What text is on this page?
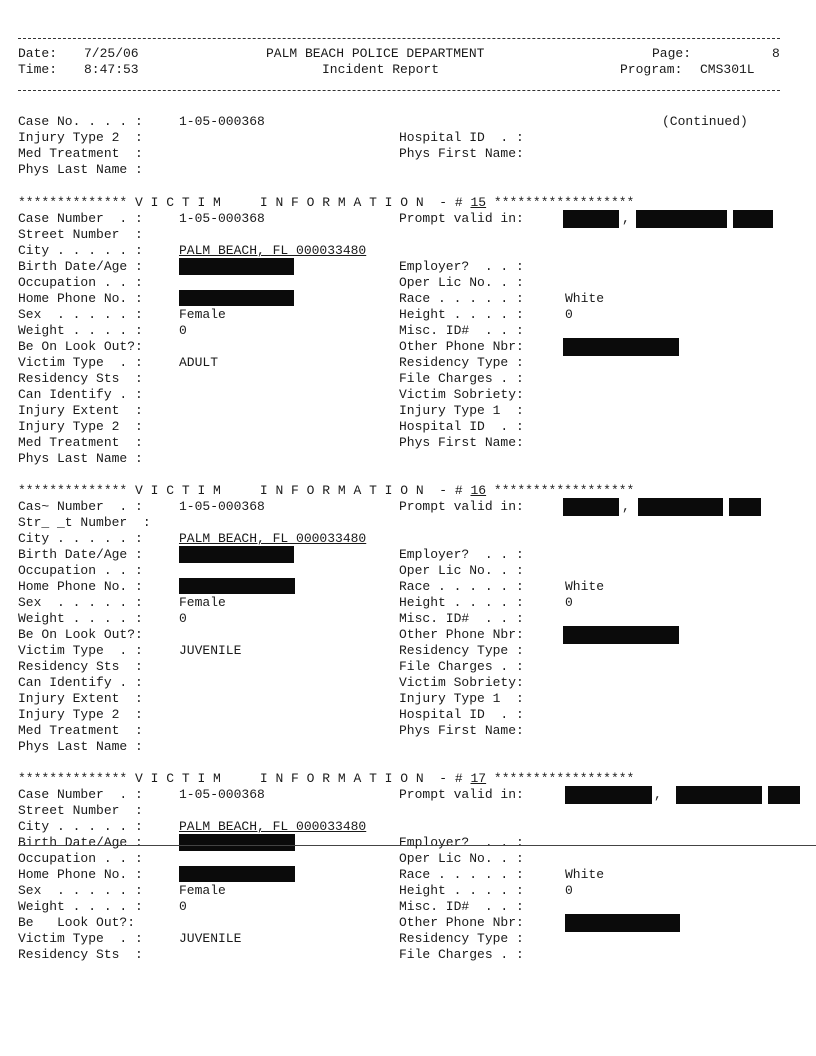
Date: 7/25/06
Time: 8:47:53
PALM BEACH POLICE DEPARTMENT
Incident Report
Page:	8
Program: CMS301L
Case No. . . . :	1-05-000368	(Continued)
Injury Type 2  :	Hospital ID  . :
Med Treatment  :	Phys First Name:
Phys Last Name :
************** V I C T I M     I N F O R M A T I O N  - # 15 ******************
Case Number  . :	1-05-000368	Prompt valid in:	,
Street Number  :
City . . . . . :	PALM BEACH, FL 000033480
Birth Date/Age :	Employer?  . . :
Occupation . . :	Oper Lic No. . :
Home Phone No. :	Race . . . . . :	White
Sex  . . . . . :	Female	Height . . . . :	0
Weight . . . . :	0	Misc. ID#  . . :
Be On Look Out?:	Other Phone Nbr:
Victim Type  . :	ADULT	Residency Type :
Residency Sts  :	File Charges . :
Can Identify . :	Victim Sobriety:
Injury Extent  :	Injury Type 1  :
Injury Type 2  :	Hospital ID  . :
Med Treatment  :	Phys First Name:
Phys Last Name :
************** V I C T I M     I N F O R M A T I O N  - # 16 ******************
Cas~ Number  . :	1-05-000368	Prompt valid in:	,
Str_ _t Number  :
City . . . . . :	PALM BEACH, FL 000033480
Birth Date/Age :	Employer?  . . :
Occupation . . :	Oper Lic No. . :
Home Phone No. :	Race . . . . . :	White
Sex  . . . . . :	Female	Height . . . . :	0
Weight . . . . :	0	Misc. ID#  . . :
Be On Look Out?:	Other Phone Nbr:
Victim Type  . :	JUVENILE	Residency Type :
Residency Sts  :	File Charges . :
Can Identify . :	Victim Sobriety:
Injury Extent  :	Injury Type 1  :
Injury Type 2  :	Hospital ID  . :
Med Treatment  :	Phys First Name:
Phys Last Name :
************** V I C T I M     I N F O R M A T I O N  - # 17 ******************
Case Number  . :	1-05-000368	Prompt valid in:	,
Street Number  :
City . . . . . :	PALM BEACH, FL 000033480
Birth Date/Age :	Employer?  . . :
Occupation . . :	Oper Lic No. . :
Home Phone No. :	Race . . . . . :	White
Sex  . . . . . :	Female	Height . . . . :	0
Weight . . . . :	0	Misc. ID#  . . :
Be   Look Out?:	Other Phone Nbr:
Victim Type  . :	JUVENILE	Residency Type :
Residency Sts  :	File Charges . :
